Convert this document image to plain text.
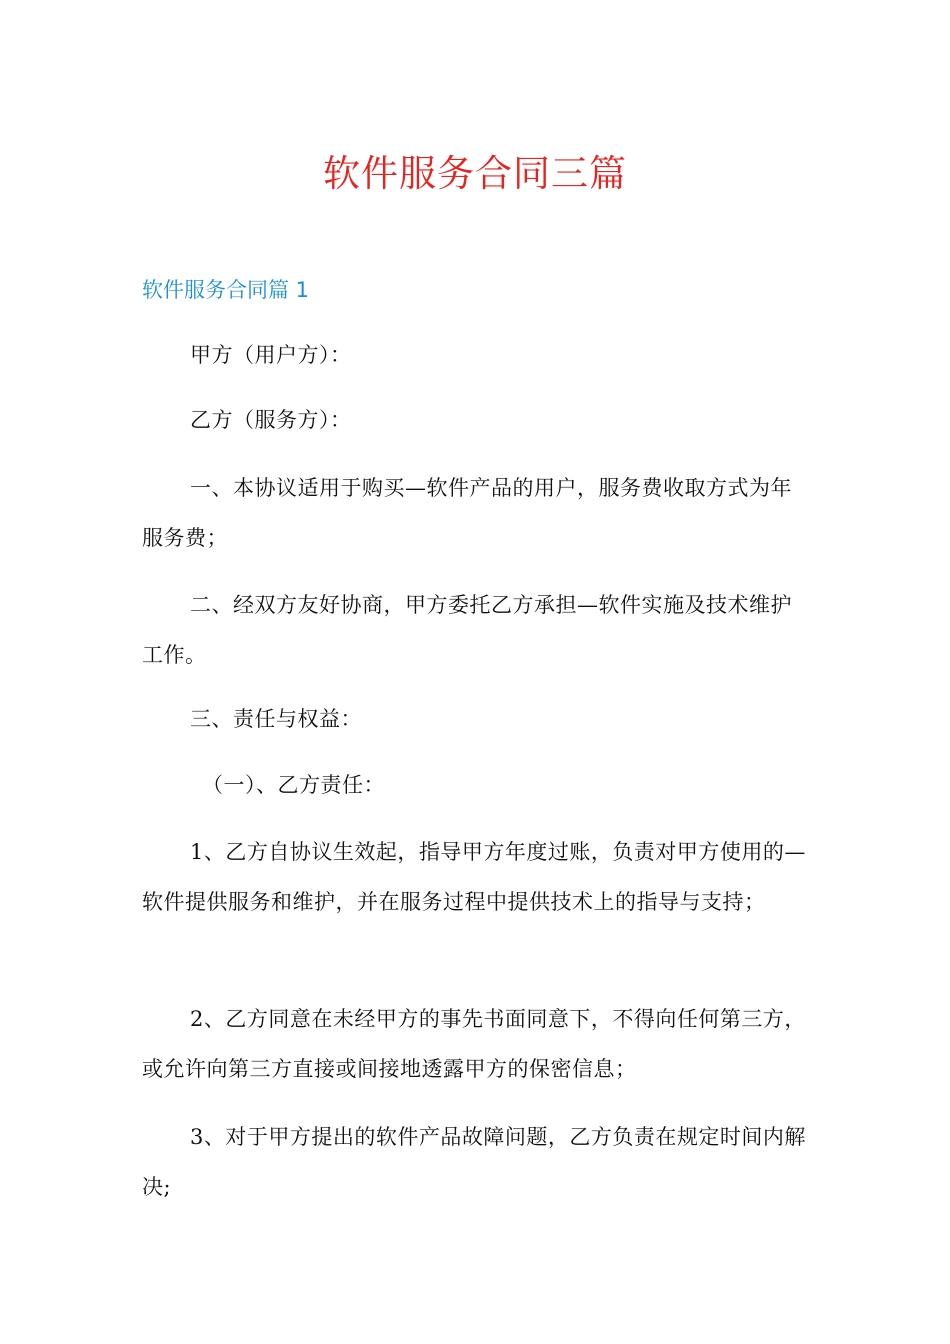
软件服务合同三篇
软件服务合同篇 1

甲方（用户方）：

乙方（服务方）：

一、本协议适用于购买—软件产品的用户，服务费收取方式为年服务费；

二、经双方友好协商，甲方委托乙方承担—软件实施及技术维护工作。

三、责任与权益：

（一）、乙方责任：

1、乙方自协议生效起，指导甲方年度过账，负责对甲方使用的—软件提供服务和维护，并在服务过程中提供技术上的指导与支持；

2、乙方同意在未经甲方的事先书面同意下，不得向任何第三方，或允许向第三方直接或间接地透露甲方的保密信息；

3、对于甲方提出的软件产品故障问题，乙方负责在规定时间内解决;
